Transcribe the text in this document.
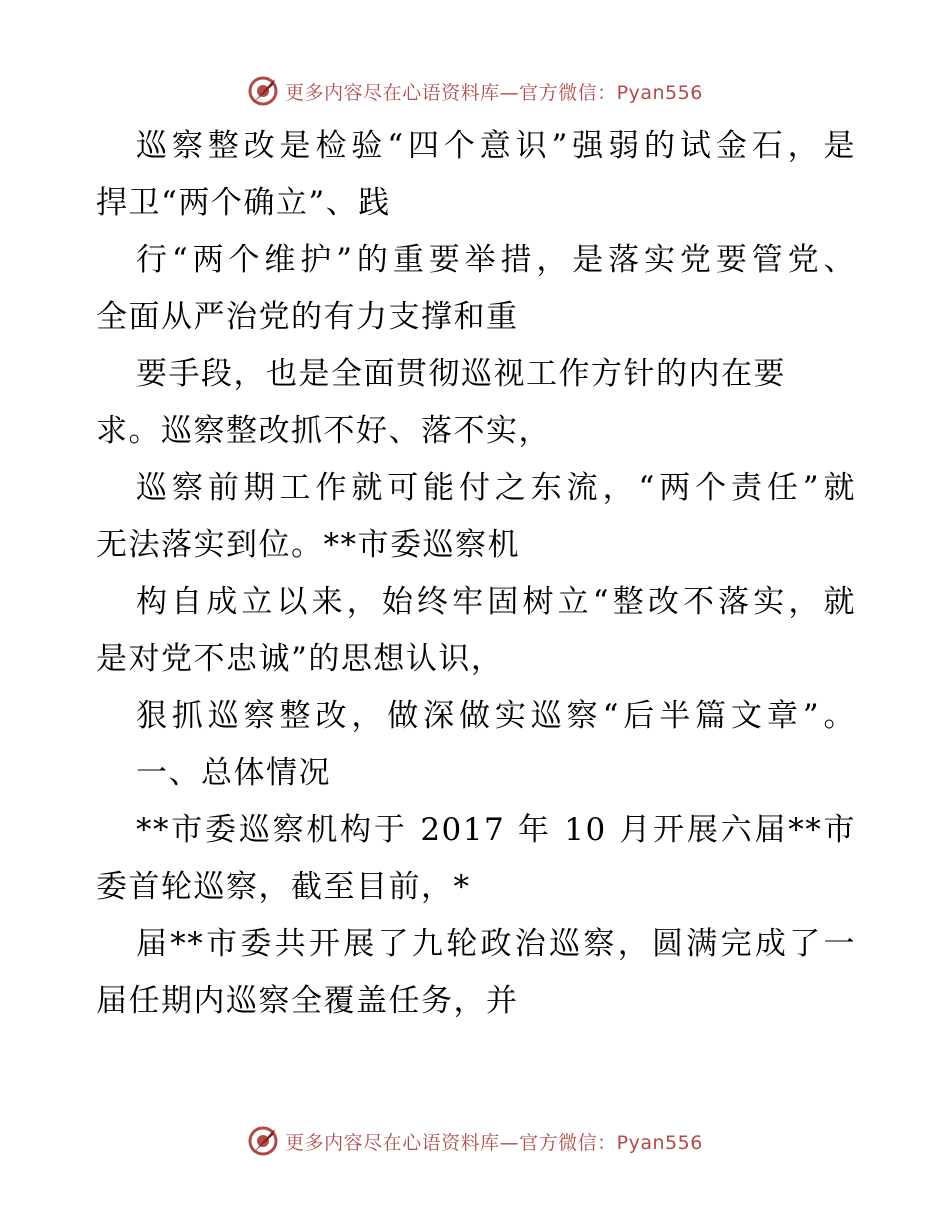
更多内容尽在心语资料库—官方微信：Pyan556
巡察整改是检验“四个意识”强弱的试金石，是
捍卫“两个确立”、践
行“两个维护”的重要举措，是落实党要管党、
全面从严治党的有力支撑和重
要手段，也是全面贯彻巡视工作方针的内在要
求。巡察整改抓不好、落不实，
巡察前期工作就可能付之东流，“两个责任”就
无法落实到位。**市委巡察机
构自成立以来，始终牢固树立“整改不落实，就
是对党不忠诚”的思想认识，
狠抓巡察整改，做深做实巡察“后半篇文章”。
一、总体情况
**市委巡察机构于 2017 年 10 月开展六届**市
委首轮巡察，截至目前，*
届**市委共开展了九轮政治巡察，圆满完成了一
届任期内巡察全覆盖任务，并
更多内容尽在心语资料库—官方微信：Pyan556
